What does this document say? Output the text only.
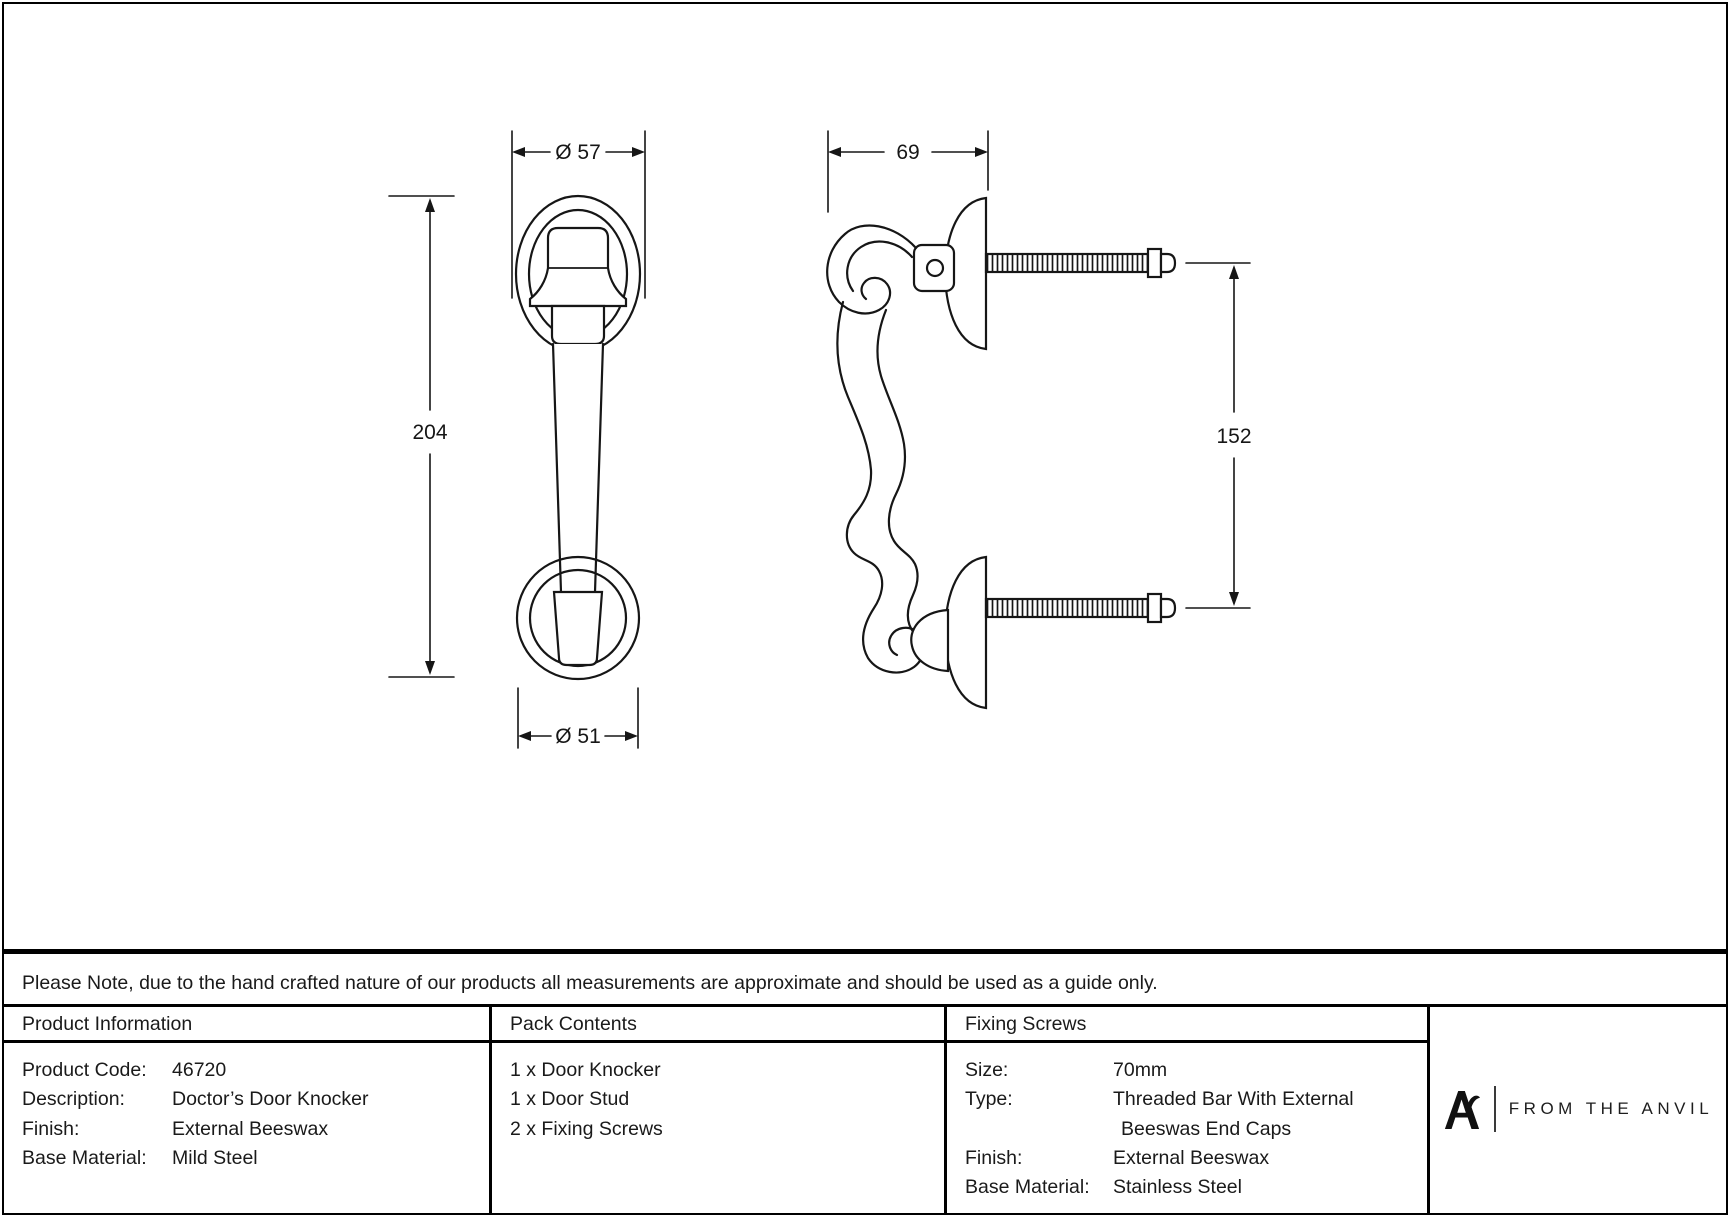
Ø 57
204
Ø 51
69
152
Please Note, due to the hand crafted nature of our products all measurements are approximate and should be used as a guide only.
Product Information	Pack Contents	Fixing Screws
Product Code: 46720
Description: Doctor’s Door Knocker
Finish:	External Beeswax
Base Material: Mild Steel
1 x Door Knocker
1 x Door Stud
2 x Fixing Screws
Size:	70mm
Type:	Threaded Bar With External
Beeswas End Caps
Finish:	External Beeswax
Base Material: Stainless Steel
FROM THE ANVIL
